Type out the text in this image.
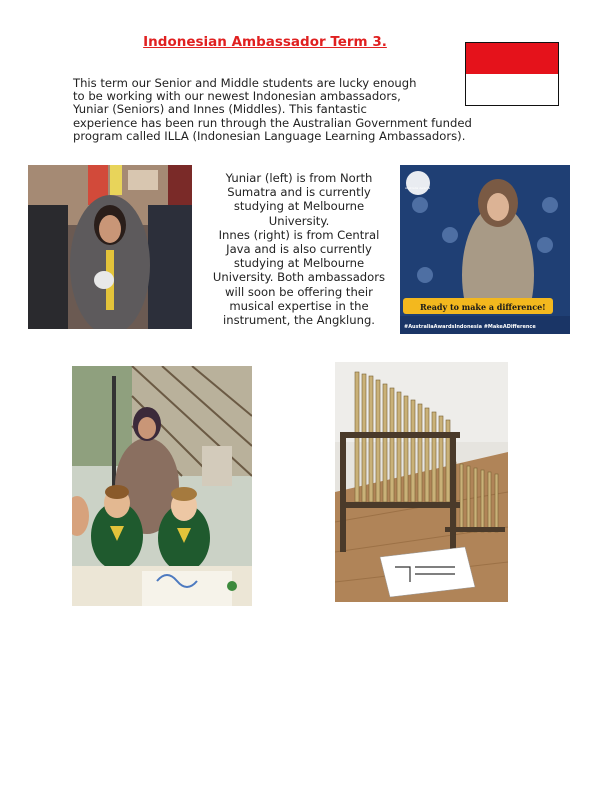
Indonesian Ambassador Term 3.
This term our Senior and Middle students are lucky enough
to be working with our newest Indonesian ambassadors,
Yuniar (Seniors) and Innes (Middles). This fantastic
experience has been run through the Australian Government funded
program called ILLA (Indonesian Language Learning Ambassadors).
Yuniar (left) is from North
Sumatra and is currently
studying at Melbourne
University.
Innes (right) is from Central
Java and is also currently
studying at Melbourne
University. Both ambassadors
will soon be offering their
musical expertise in the
instrument, the Angklung.
Australia Awards
Ready to make a difference!
#AustraliaAwardsIndonesia #MakeADifference
